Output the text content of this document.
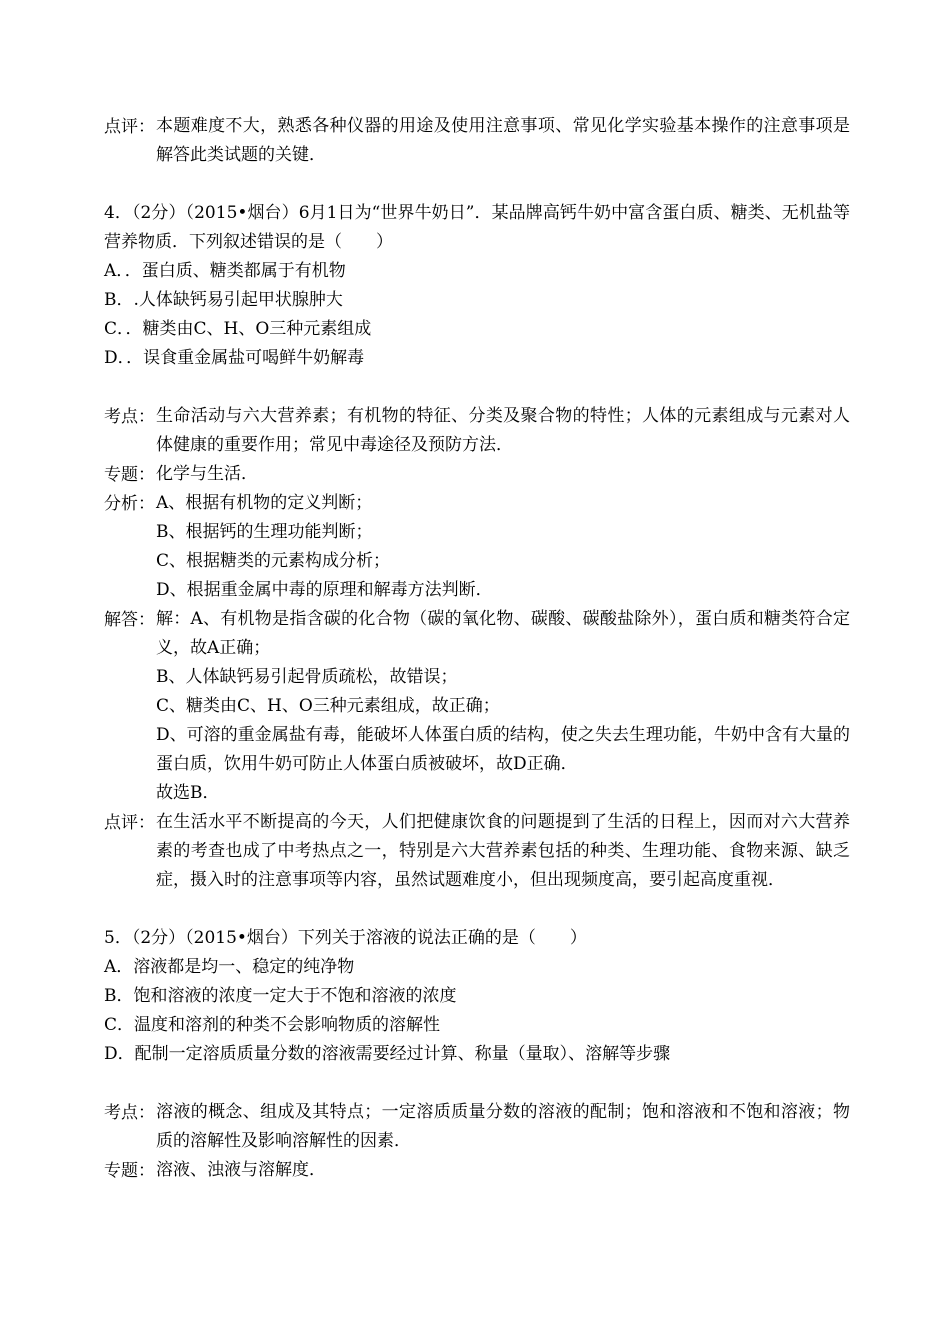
点评： 本题难度不大，熟悉各种仪器的用途及使用注意事项、常见化学实验基本操作的注意事项是解答此类试题的关键．
4．（2分）（2015•烟台）6月1日为“世界牛奶日”．某品牌高钙牛奶中富含蛋白质、糖类、无机盐等营养物质．下列叙述错误的是（　　）
A．．蛋白质、糖类都属于有机物
B．.人体缺钙易引起甲状腺肿大
C．．糖类由C、H、O三种元素组成
D．．误食重金属盐可喝鲜牛奶解毒
考点： 生命活动与六大营养素；有机物的特征、分类及聚合物的特性；人体的元素组成与元素对人体健康的重要作用；常见中毒途径及预防方法．
专题： 化学与生活．
分析： A、根据有机物的定义判断；
B、根据钙的生理功能判断；
C、根据糖类的元素构成分析；
D、根据重金属中毒的原理和解毒方法判断．
解答： 解：A、有机物是指含碳的化合物（碳的氧化物、碳酸、碳酸盐除外），蛋白质和糖类符合定义，故A正确；
B、人体缺钙易引起骨质疏松，故错误；
C、糖类由C、H、O三种元素组成，故正确；
D、可溶的重金属盐有毒，能破坏人体蛋白质的结构，使之失去生理功能，牛奶中含有大量的蛋白质，饮用牛奶可防止人体蛋白质被破坏，故D正确．
故选B．
点评： 在生活水平不断提高的今天，人们把健康饮食的问题提到了生活的日程上，因而对六大营养素的考查也成了中考热点之一，特别是六大营养素包括的种类、生理功能、食物来源、缺乏症，摄入时的注意事项等内容，虽然试题难度小，但出现频度高，要引起高度重视．
5．（2分）（2015•烟台）下列关于溶液的说法正确的是（　　）
A．溶液都是均一、稳定的纯净物
B．饱和溶液的浓度一定大于不饱和溶液的浓度
C．温度和溶剂的种类不会影响物质的溶解性
D．配制一定溶质质量分数的溶液需要经过计算、称量（量取）、溶解等步骤
考点： 溶液的概念、组成及其特点；一定溶质质量分数的溶液的配制；饱和溶液和不饱和溶液；物质的溶解性及影响溶解性的因素．
专题： 溶液、浊液与溶解度．
